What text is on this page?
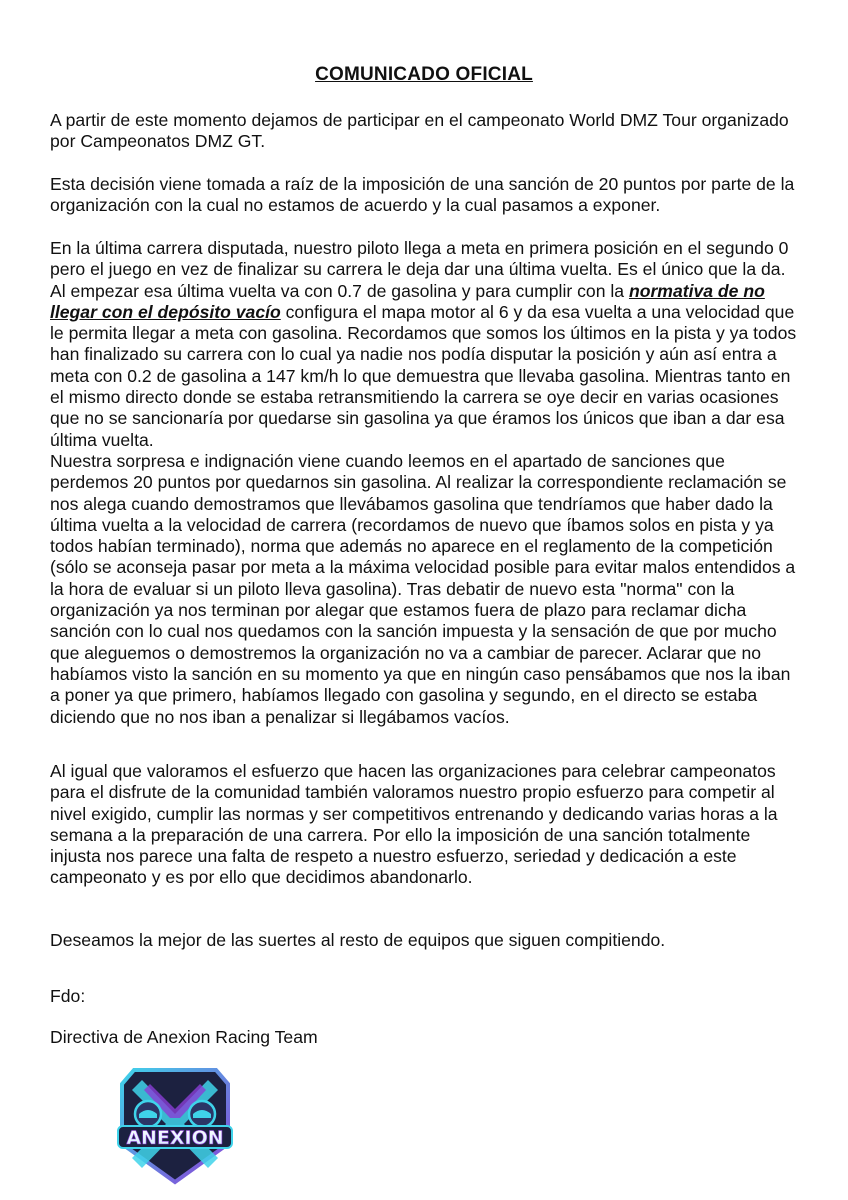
COMUNICADO OFICIAL

A partir de este momento dejamos de participar en el campeonato World DMZ Tour organizado
por Campeonatos DMZ GT.

Esta decisión viene tomada a raíz de la imposición de una sanción de 20 puntos por parte de la
organización con la cual no estamos de acuerdo y la cual pasamos a exponer.

En la última carrera disputada, nuestro piloto llega a meta en primera posición en el segundo 0
pero el juego en vez de finalizar su carrera le deja dar una última vuelta. Es el único que la da.
Al empezar esa última vuelta va con 0.7 de gasolina y para cumplir con la normativa de no
llegar con el depósito vacío configura el mapa motor al 6 y da esa vuelta a una velocidad que
le permita llegar a meta con gasolina. Recordamos que somos los últimos en la pista y ya todos
han finalizado su carrera con lo cual ya nadie nos podía disputar la posición y aún así entra a
meta con 0.2 de gasolina a 147 km/h lo que demuestra que llevaba gasolina. Mientras tanto en
el mismo directo donde se estaba retransmitiendo la carrera se oye decir en varias ocasiones
que no se sancionaría por quedarse sin gasolina ya que éramos los únicos que iban a dar esa
última vuelta.
Nuestra sorpresa e indignación viene cuando leemos en el apartado de sanciones que
perdemos 20 puntos por quedarnos sin gasolina. Al realizar la correspondiente reclamación se
nos alega cuando demostramos que llevábamos gasolina que tendríamos que haber dado la
última vuelta a la velocidad de carrera (recordamos de nuevo que íbamos solos en pista y ya
todos habían terminado), norma que además no aparece en el reglamento de la competición
(sólo se aconseja pasar por meta a la máxima velocidad posible para evitar malos entendidos a
la hora de evaluar si un piloto lleva gasolina). Tras debatir de nuevo esta "norma" con la
organización ya nos terminan por alegar que estamos fuera de plazo para reclamar dicha
sanción con lo cual nos quedamos con la sanción impuesta y la sensación de que por mucho
que aleguemos o demostremos la organización no va a cambiar de parecer. Aclarar que no
habíamos visto la sanción en su momento ya que en ningún caso pensábamos que nos la iban
a poner ya que primero, habíamos llegado con gasolina y segundo, en el directo se estaba
diciendo que no nos iban a penalizar si llegábamos vacíos.

Al igual que valoramos el esfuerzo que hacen las organizaciones para celebrar campeonatos
para el disfrute de la comunidad también valoramos nuestro propio esfuerzo para competir al
nivel exigido, cumplir las normas y ser competitivos entrenando y dedicando varias horas a la
semana a la preparación de una carrera. Por ello la imposición de una sanción totalmente
injusta nos parece una falta de respeto a nuestro esfuerzo, seriedad y dedicación a este
campeonato y es por ello que decidimos abandonarlo.

Deseamos la mejor de las suertes al resto de equipos que siguen compitiendo.

Fdo:

Directiva de Anexion Racing Team

ANEXION
